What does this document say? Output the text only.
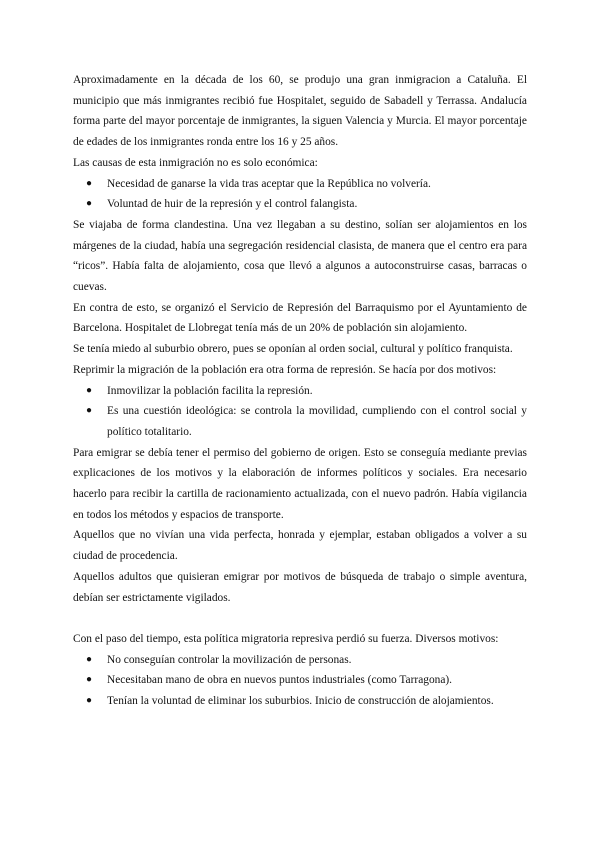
Aproximadamente en la década de los 60, se produjo una gran inmigracion a Cataluña. El municipio que más inmigrantes recibió fue Hospitalet, seguido de Sabadell y Terrassa. Andalucía forma parte del mayor porcentaje de inmigrantes, la siguen Valencia y Murcia. El mayor porcentaje de edades de los inmigrantes ronda entre los 16 y 25 años.

Las causas de esta inmigración no es solo económica:

● Necesidad de ganarse la vida tras aceptar que la República no volvería.
● Voluntad de huir de la represión y el control falangista.

Se viajaba de forma clandestina. Una vez llegaban a su destino, solían ser alojamientos en los márgenes de la ciudad, había una segregación residencial clasista, de manera que el centro era para “ricos”. Había falta de alojamiento, cosa que llevó a algunos a autoconstruirse casas, barracas o cuevas.

En contra de esto, se organizó el Servicio de Represión del Barraquismo por el Ayuntamiento de Barcelona. Hospitalet de Llobregat tenía más de un 20% de población sin alojamiento.

Se tenía miedo al suburbio obrero, pues se oponían al orden social, cultural y político franquista.

Reprimir la migración de la población era otra forma de represión. Se hacía por dos motivos:

● Inmovilizar la población facilita la represión.
● Es una cuestión ideológica: se controla la movilidad, cumpliendo con el control social y político totalitario.

Para emigrar se debía tener el permiso del gobierno de origen. Esto se conseguía mediante previas explicaciones de los motivos y la elaboración de informes políticos y sociales. Era necesario hacerlo para recibir la cartilla de racionamiento actualizada, con el nuevo padrón. Había vigilancia en todos los métodos y espacios de transporte.

Aquellos que no vivían una vida perfecta, honrada y ejemplar, estaban obligados a volver a su ciudad de procedencia.

Aquellos adultos que quisieran emigrar por motivos de búsqueda de trabajo o simple aventura, debían ser estrictamente vigilados.

Con el paso del tiempo, esta política migratoria represiva perdió su fuerza. Diversos motivos:

● No conseguían controlar la movilización de personas.
● Necesitaban mano de obra en nuevos puntos industriales (como Tarragona).
● Tenían la voluntad de eliminar los suburbios. Inicio de construcción de alojamientos.
